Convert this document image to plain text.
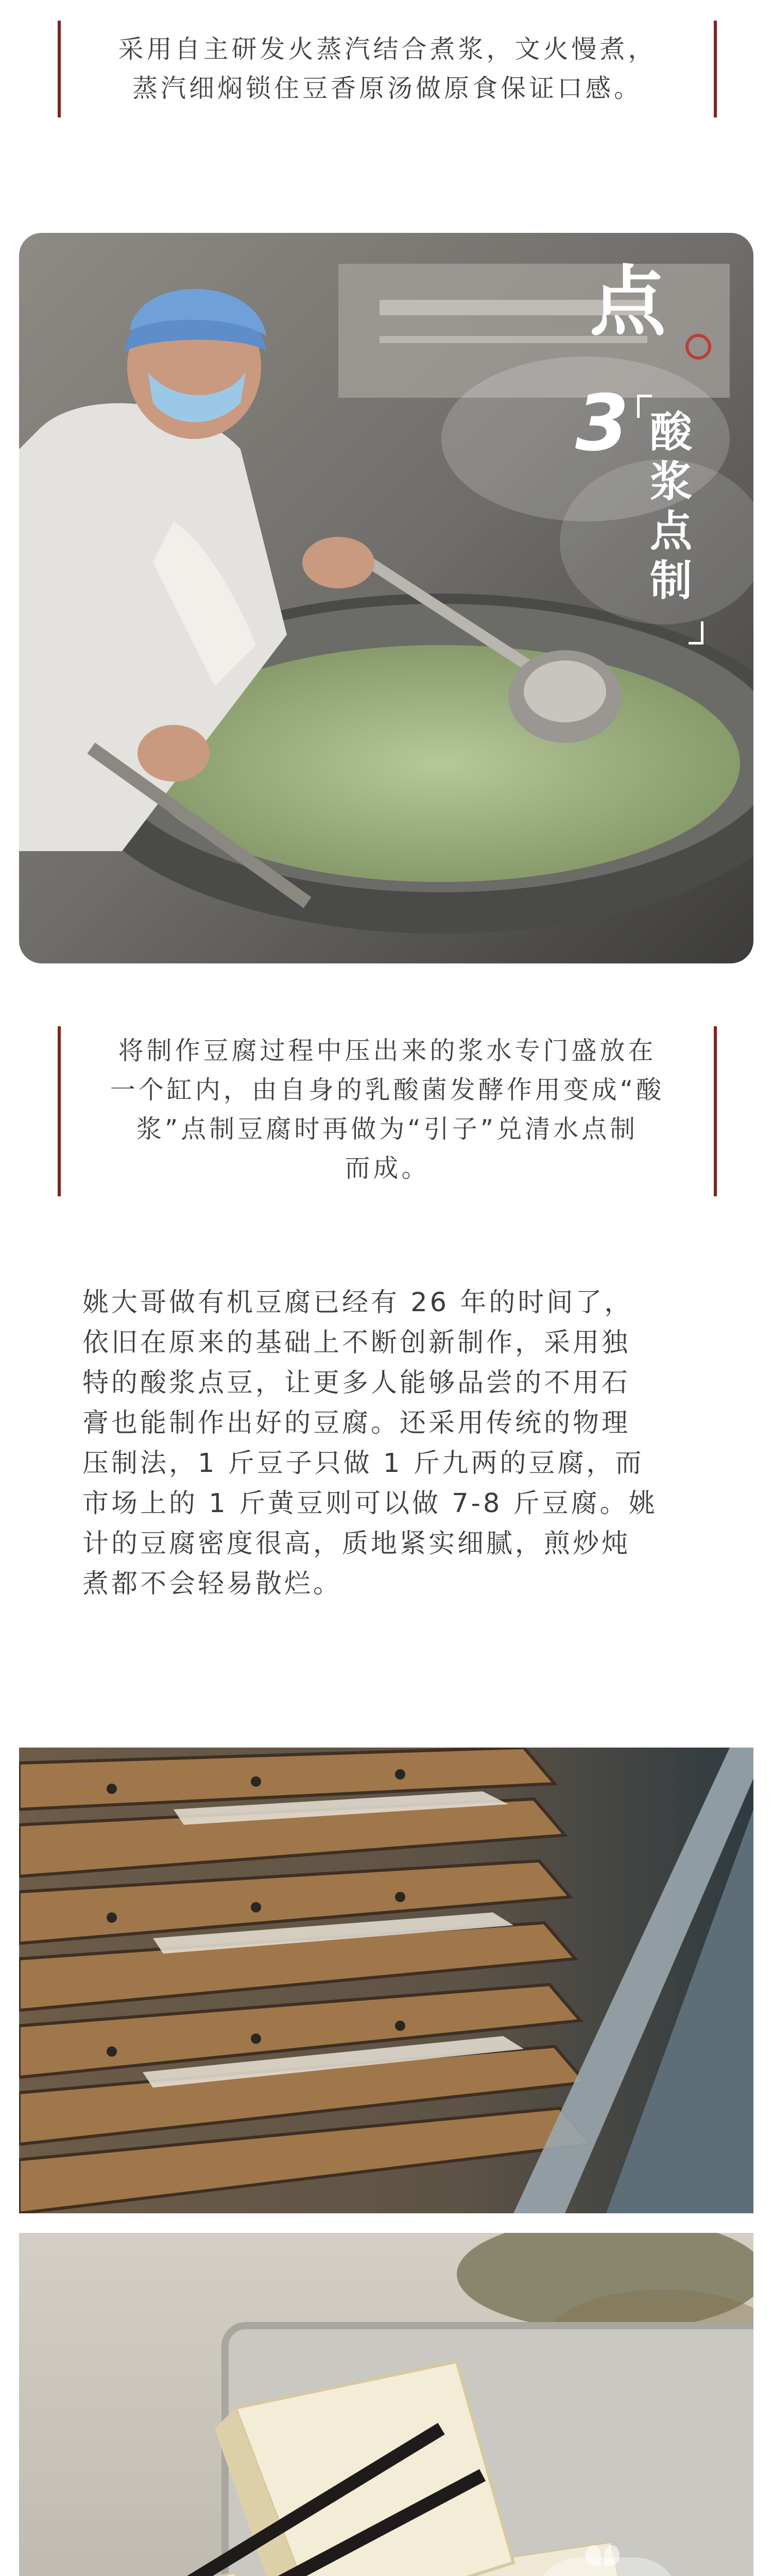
采用自主研发火蒸汽结合煮浆，文火慢煮，
蒸汽细焖锁住豆香原汤做原食保证口感。
点
3 酸
浆
点
制
将制作豆腐过程中压出来的浆水专门盛放在
一个缸内，由自身的乳酸菌发酵作用变成“酸
浆”点制豆腐时再做为“引子”兑清水点制
而成。
姚大哥做有机豆腐已经有 26 年的时间了，
依旧在原来的基础上不断创新制作，采用独
特的酸浆点豆，让更多人能够品尝的不用石
膏也能制作出好的豆腐。还采用传统的物理
压制法，1 斤豆子只做 1 斤九两的豆腐，而
市场上的 1 斤黄豆则可以做 7-8 斤豆腐。姚
计的豆腐密度很高，质地紧实细腻，煎炒炖
煮都不会轻易散烂。
